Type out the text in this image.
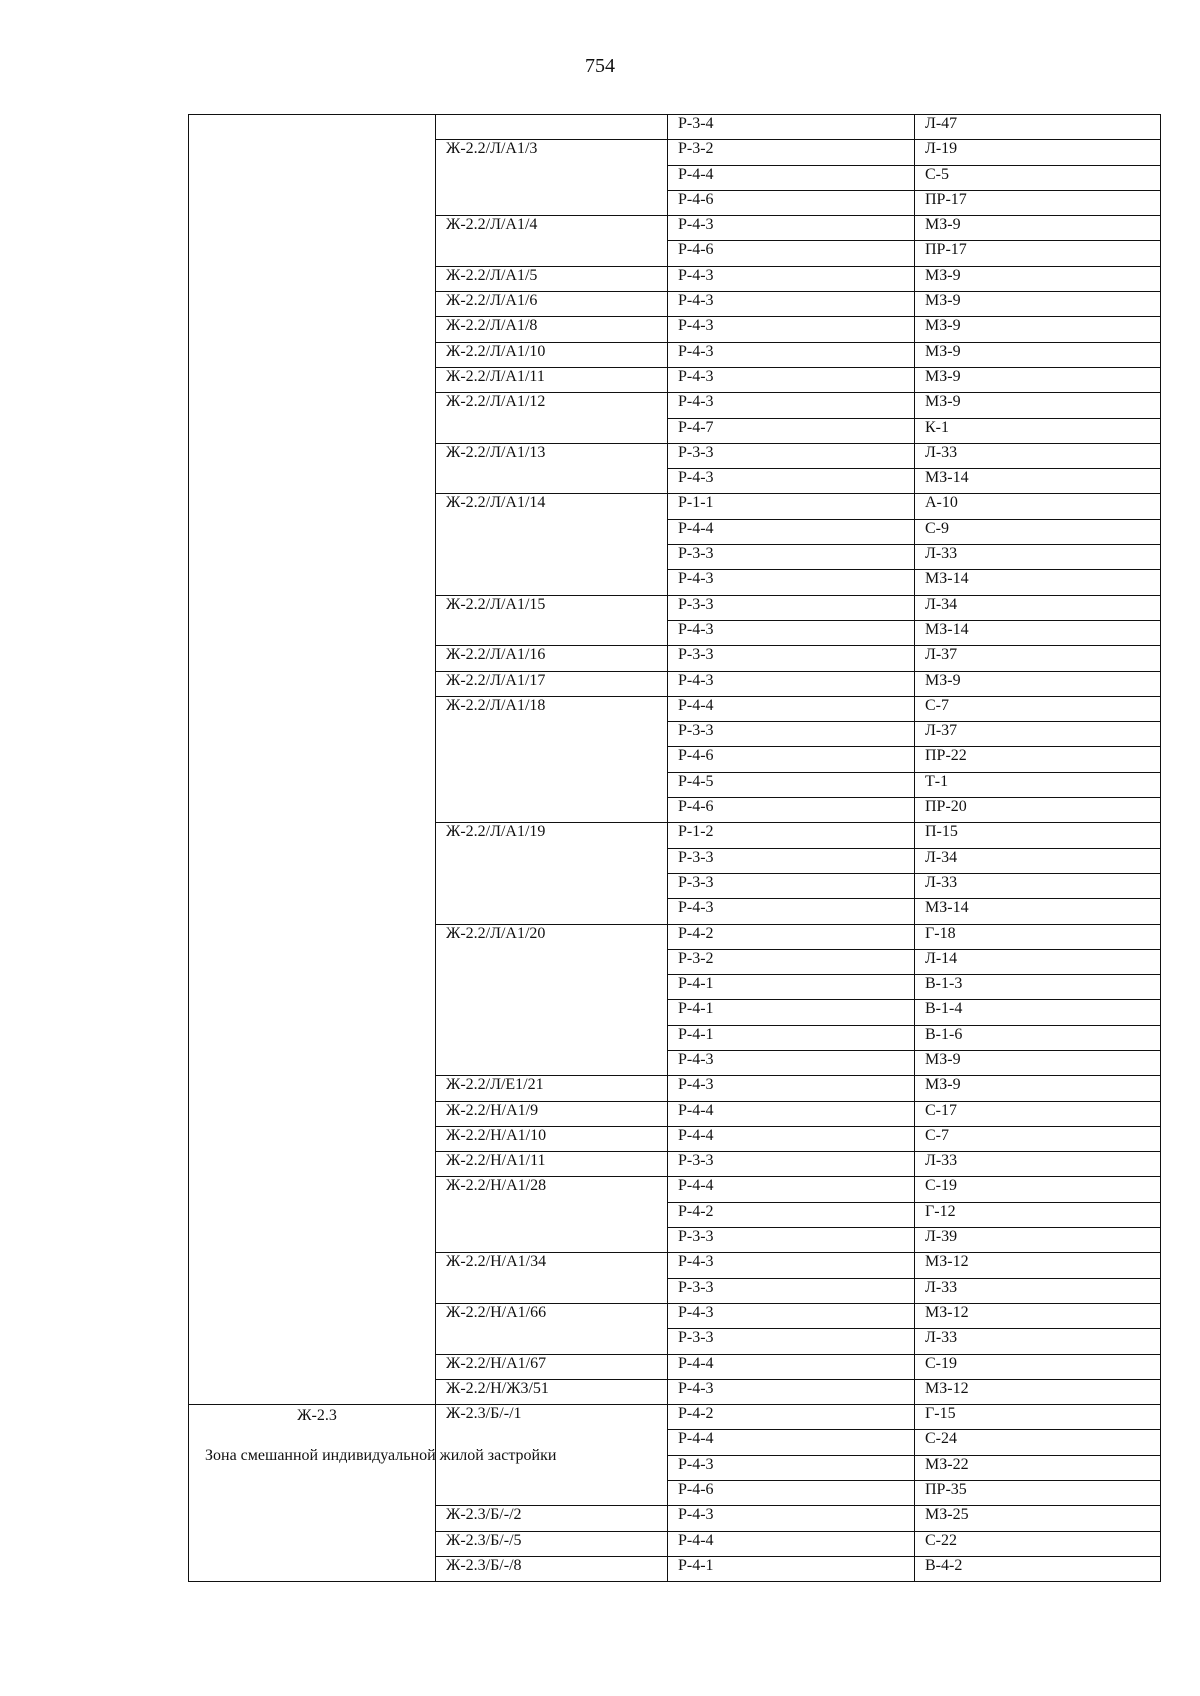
754
		Р-3-4	Л-47
	Ж-2.2/Л/А1/3	Р-3-2	Л-19
		Р-4-4	С-5
		Р-4-6	ПР-17
	Ж-2.2/Л/А1/4	Р-4-3	МЗ-9
		Р-4-6	ПР-17
	Ж-2.2/Л/А1/5	Р-4-3	МЗ-9
	Ж-2.2/Л/А1/6	Р-4-3	МЗ-9
	Ж-2.2/Л/А1/8	Р-4-3	МЗ-9
	Ж-2.2/Л/А1/10	Р-4-3	МЗ-9
	Ж-2.2/Л/А1/11	Р-4-3	МЗ-9
	Ж-2.2/Л/А1/12	Р-4-3	МЗ-9
		Р-4-7	К-1
	Ж-2.2/Л/А1/13	Р-3-3	Л-33
		Р-4-3	МЗ-14
	Ж-2.2/Л/А1/14	Р-1-1	А-10
		Р-4-4	С-9
		Р-3-3	Л-33
		Р-4-3	МЗ-14
	Ж-2.2/Л/А1/15	Р-3-3	Л-34
		Р-4-3	МЗ-14
	Ж-2.2/Л/А1/16	Р-3-3	Л-37
	Ж-2.2/Л/А1/17	Р-4-3	МЗ-9
	Ж-2.2/Л/А1/18	Р-4-4	С-7
		Р-3-3	Л-37
		Р-4-6	ПР-22
		Р-4-5	Т-1
		Р-4-6	ПР-20
	Ж-2.2/Л/А1/19	Р-1-2	П-15
		Р-3-3	Л-34
		Р-3-3	Л-33
		Р-4-3	МЗ-14
	Ж-2.2/Л/А1/20	Р-4-2	Г-18
		Р-3-2	Л-14
		Р-4-1	В-1-3
		Р-4-1	В-1-4
		Р-4-1	В-1-6
		Р-4-3	МЗ-9
	Ж-2.2/Л/Е1/21	Р-4-3	МЗ-9
	Ж-2.2/Н/А1/9	Р-4-4	С-17
	Ж-2.2/Н/А1/10	Р-4-4	С-7
	Ж-2.2/Н/А1/11	Р-3-3	Л-33
	Ж-2.2/Н/А1/28	Р-4-4	С-19
		Р-4-2	Г-12
		Р-3-3	Л-39
	Ж-2.2/Н/А1/34	Р-4-3	МЗ-12
		Р-3-3	Л-33
	Ж-2.2/Н/А1/66	Р-4-3	МЗ-12
		Р-3-3	Л-33
	Ж-2.2/Н/А1/67	Р-4-4	С-19
	Ж-2.2/Н/Ж3/51	Р-4-3	МЗ-12

Ж-2.3
Зона смешанной индивидуальной жилой застройки	Ж-2.3/Б/-/1	Р-4-2	Г-15
		Р-4-4	С-24
		Р-4-3	МЗ-22
		Р-4-6	ПР-35
	Ж-2.3/Б/-/2	Р-4-3	МЗ-25
	Ж-2.3/Б/-/5	Р-4-4	С-22
	Ж-2.3/Б/-/8	Р-4-1	В-4-2
